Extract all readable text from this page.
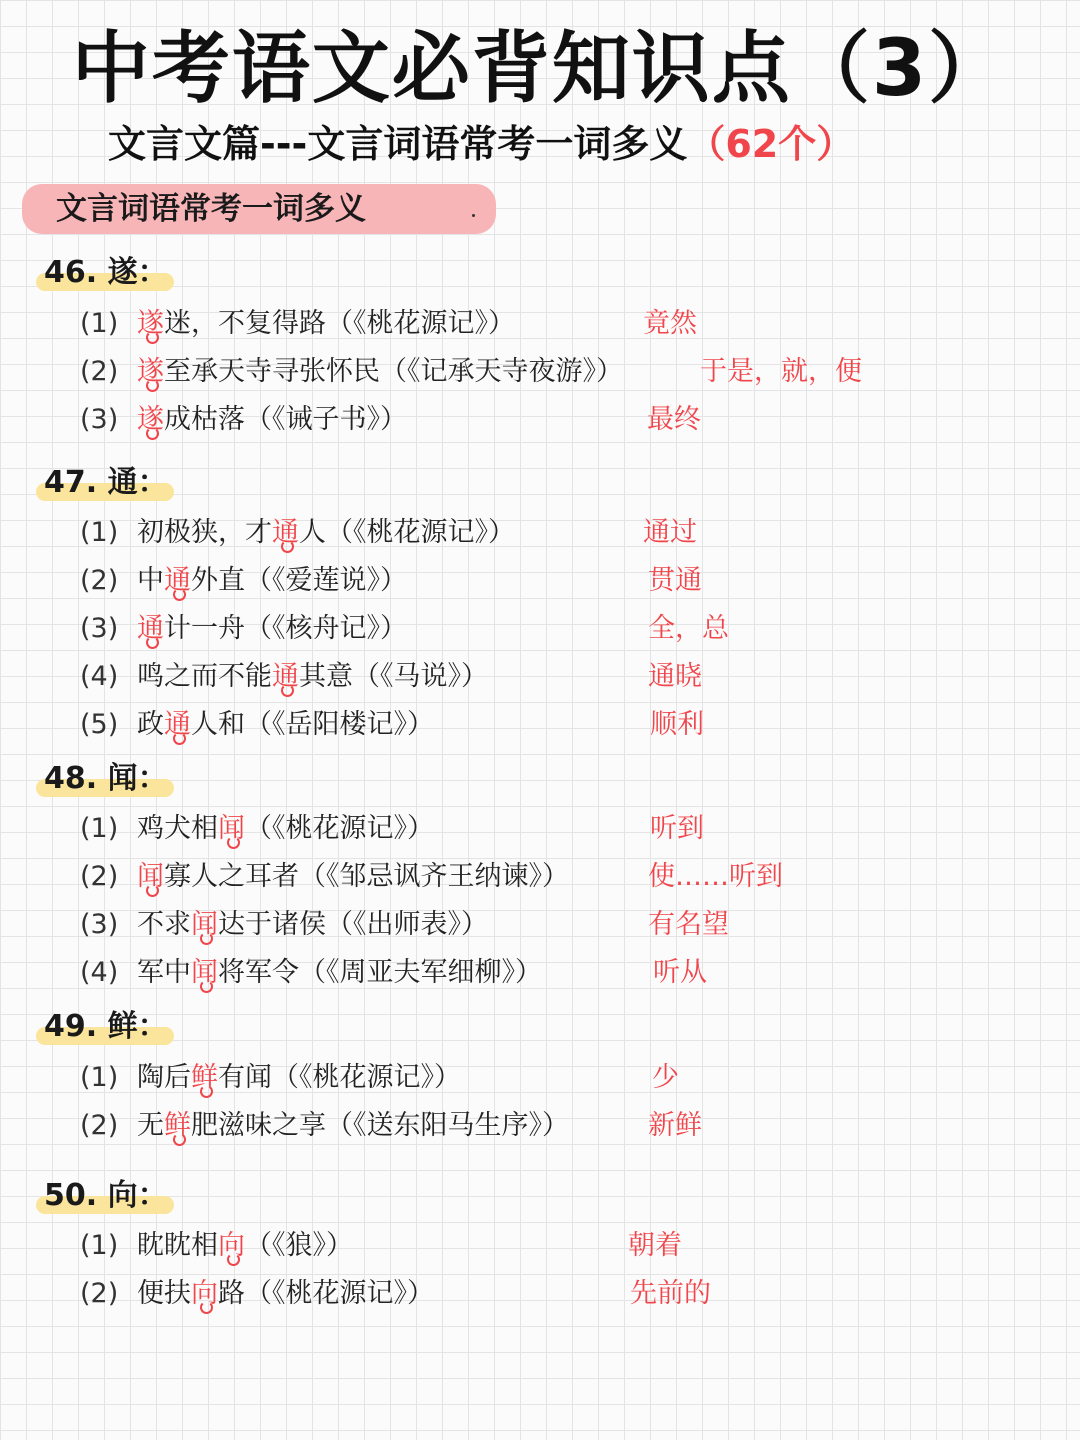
中考语文必背知识点（3）
文言文篇---文言词语常考一词多义（62个）
文言词语常考一词多义
46. 遂：
(1) 遂迷，不复得路（《桃花源记》）	竟然
(2) 遂至承天寺寻张怀民（《记承天寺夜游》）	于是，就，便
(3) 遂成枯落（《诫子书》）	最终
47. 通：
(1) 初极狭，才通人（《桃花源记》）	通过
(2) 中通外直（《爱莲说》）	贯通
(3) 通计一舟（《核舟记》）	全，总
(4) 鸣之而不能通其意（《马说》）	通晓
(5) 政通人和（《岳阳楼记》）	顺利
48. 闻：
(1) 鸡犬相闻（《桃花源记》）	听到
(2) 闻寡人之耳者（《邹忌讽齐王纳谏》）	使……听到
(3) 不求闻达于诸侯（《出师表》）	有名望
(4) 军中闻将军令（《周亚夫军细柳》）	听从
49. 鲜：
(1) 陶后鲜有闻（《桃花源记》）	少
(2) 无鲜肥滋味之享（《送东阳马生序》）	新鲜
50. 向：
(1) 眈眈相向（《狼》）	朝着
(2) 便扶向路（《桃花源记》）	先前的
